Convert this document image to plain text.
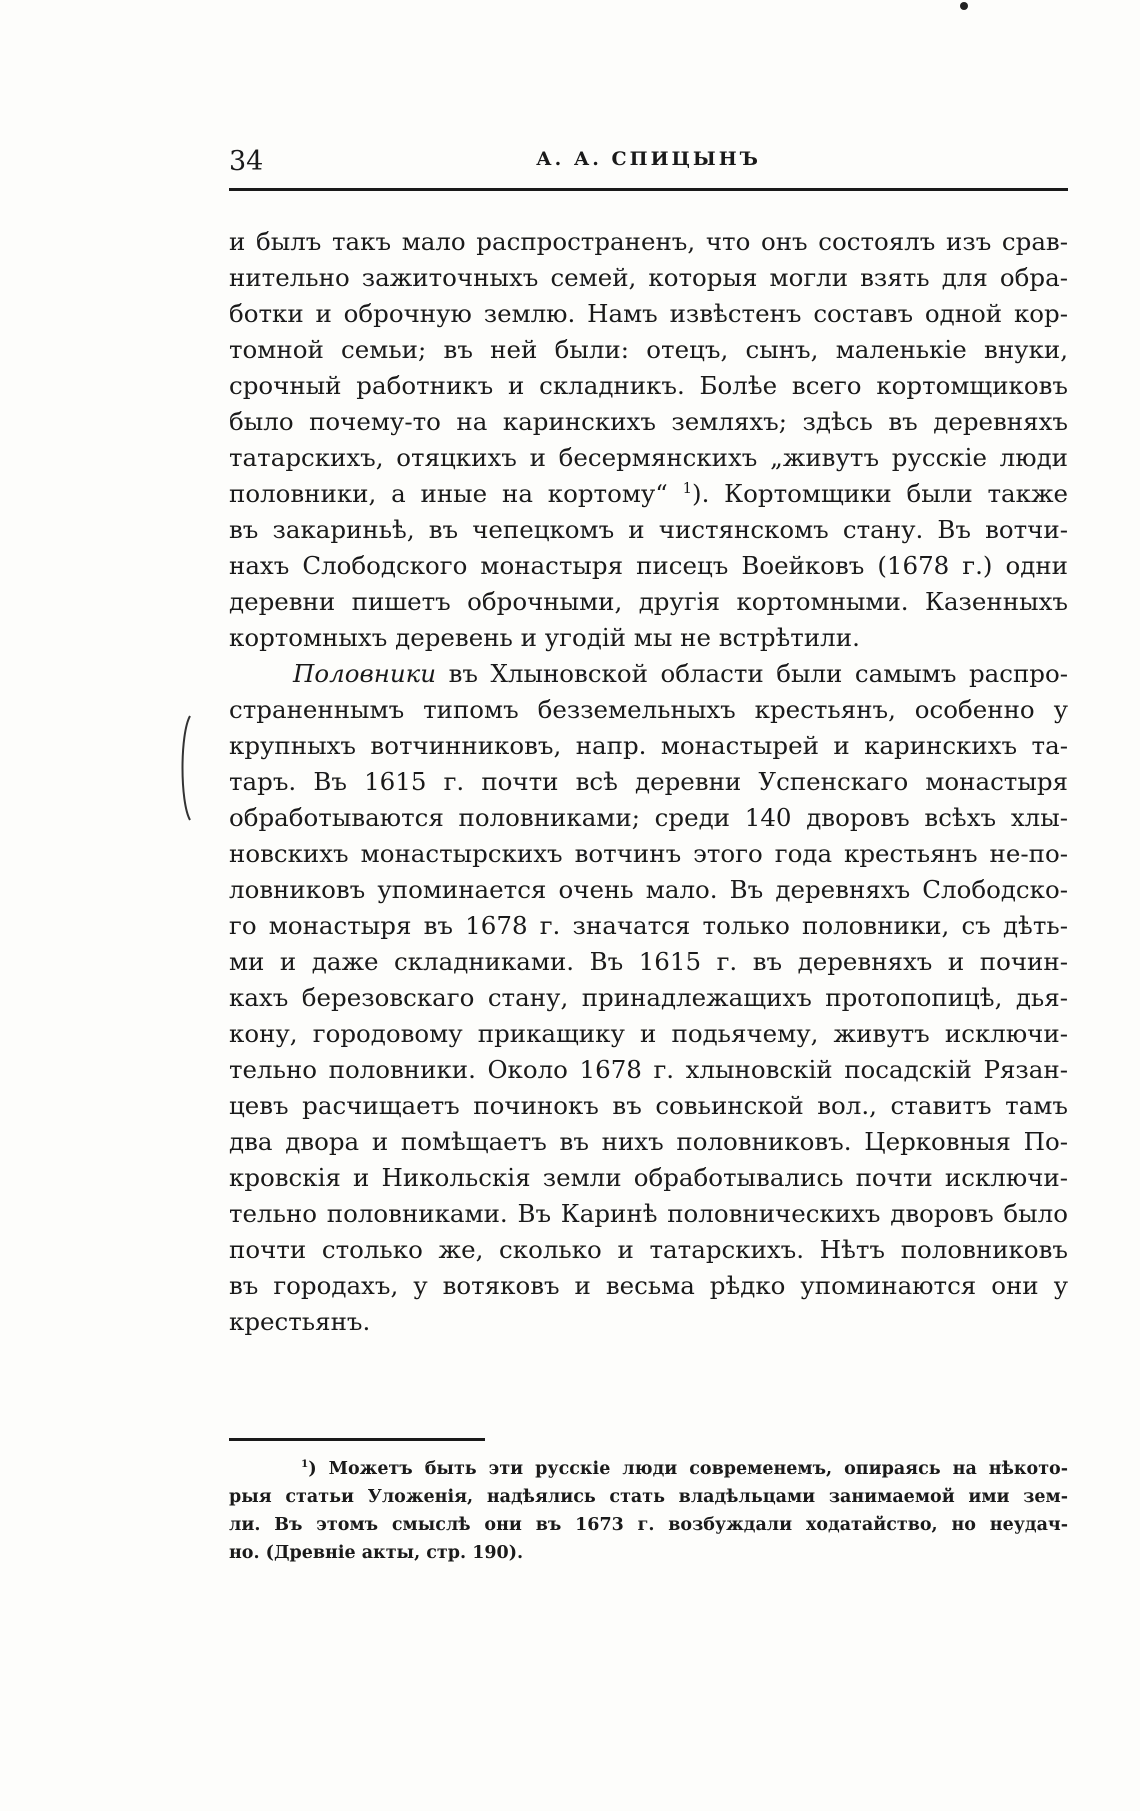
34	А. А. СПИЦЫНЪ
и былъ такъ мало распространенъ, что онъ состоялъ изъ срав-
нительно зажиточныхъ семей, которыя могли взять для обра-
ботки и оброчную землю. Намъ извѣстенъ составъ одной кор-
томной семьи; въ ней были: отецъ, сынъ, маленькіе внуки,
срочный работникъ и складникъ. Болѣе всего кортомщиковъ
было почему-то на каринскихъ земляхъ; здѣсь въ деревняхъ
татарскихъ, отяцкихъ и бесермянскихъ „живутъ русскіе люди
половники, а иные на кортому“ $^1$). Кортомщики были также
въ закариньѣ, въ чепецкомъ и чистянскомъ стану. Въ вотчи-
нахъ Слободского монастыря писецъ Воейковъ (1678 г.) одни
деревни пишетъ оброчными, другія кортомными. Казенныхъ
кортомныхъ деревень и угодій мы не встрѣтили.
Половники въ Хлыновской области были самымъ распро-
страненнымъ типомъ безземельныхъ крестьянъ, особенно у
крупныхъ вотчинниковъ, напр. монастырей и каринскихъ та-
таръ. Въ 1615 г. почти всѣ деревни Успенскаго монастыря
обработываются половниками; среди 140 дворовъ всѣхъ хлы-
новскихъ монастырскихъ вотчинъ этого года крестьянъ не-по-
ловниковъ упоминается очень мало. Въ деревняхъ Слободско-
го монастыря въ 1678 г. значатся только половники, съ дѣть-
ми и даже складниками. Въ 1615 г. въ деревняхъ и почин-
кахъ березовскаго стану, принадлежащихъ протопопицѣ, дья-
кону, городовому прикащику и подьячему, живутъ исключи-
тельно половники. Около 1678 г. хлыновскій посадскій Рязан-
цевъ расчищаетъ починокъ въ совьинской вол., ставитъ тамъ
два двора и помѣщаетъ въ нихъ половниковъ. Церковныя По-
кровскія и Никольскія земли обработывались почти исключи-
тельно половниками. Въ Каринѣ половническихъ дворовъ было
почти столько же, сколько и татарскихъ. Нѣтъ половниковъ
въ городахъ, у вотяковъ и весьма рѣдко упоминаются они у
крестьянъ.
$^1$) Можетъ быть эти русскіе люди современемъ, опираясь на нѣкото-
рыя статьи Уложенія, надѣялись стать владѣльцами занимаемой ими зем-
ли. Въ этомъ смыслѣ они въ 1673 г. возбуждали ходатайство, но неудач-
но. (Древніе акты, стр. 190).
